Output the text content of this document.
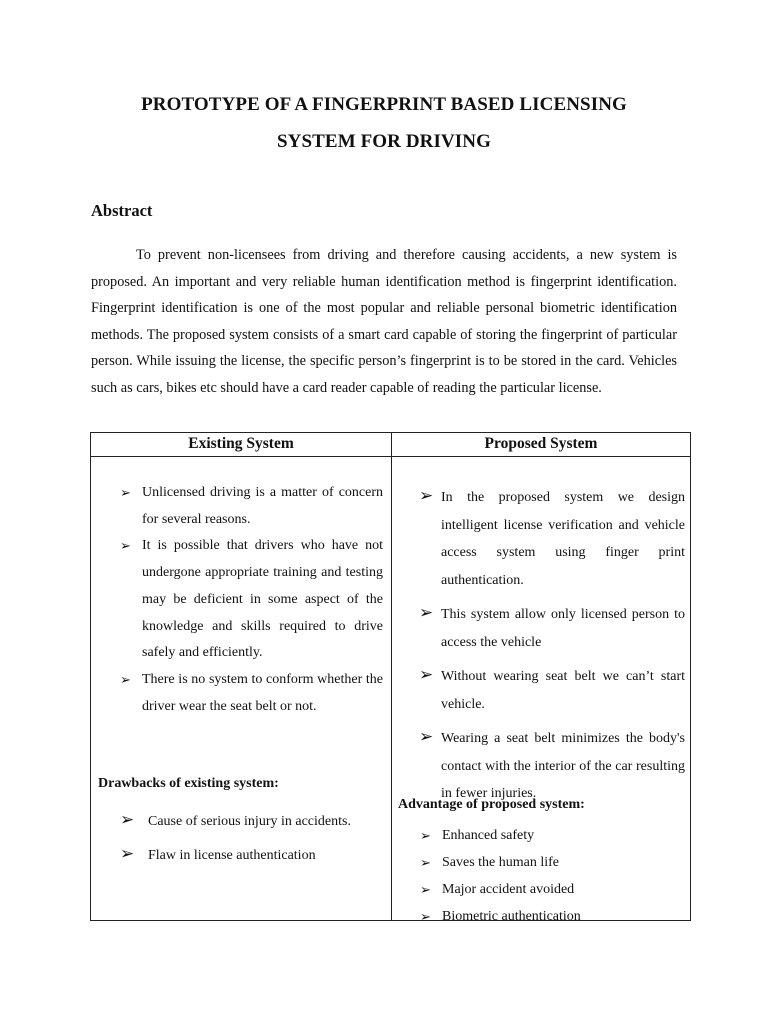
PROTOTYPE OF A FINGERPRINT BASED LICENSING
SYSTEM FOR DRIVING
Abstract
To prevent non-licensees from driving and therefore causing accidents, a new system is proposed. An important and very reliable human identification method is fingerprint identification. Fingerprint identification is one of the most popular and reliable personal biometric identification methods. The proposed system consists of a smart card capable of storing the fingerprint of particular person. While issuing the license, the specific person’s fingerprint is to be stored in the card. Vehicles such as cars, bikes etc should have a card reader capable of reading the particular license.
Existing System	Proposed System
➢ Unlicensed driving is a matter of concern for several reasons.
➢ It is possible that drivers who have not undergone appropriate training and testing may be deficient in some aspect of the knowledge and skills required to drive safely and efficiently.
➢ There is no system to conform whether the driver wear the seat belt or not.
Drawbacks of existing system:
➢ Cause of serious injury in accidents.
➢ Flaw in license authentication
➢ In the proposed system we design intelligent license verification and vehicle access system using finger print authentication.
➢ This system allow only licensed person to access the vehicle
➢ Without wearing seat belt we can’t start vehicle.
➢ Wearing a seat belt minimizes the body's contact with the interior of the car resulting in fewer injuries.
Advantage of proposed system:
➢ Enhanced safety
➢ Saves the human life
➢ Major accident avoided
➢ Biometric authentication
